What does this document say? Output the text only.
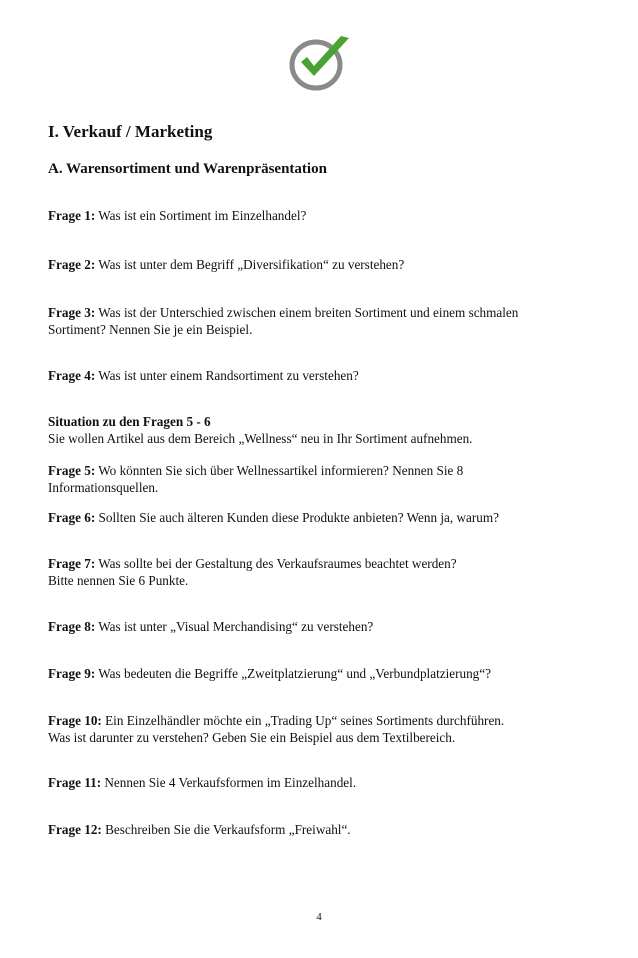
I. Verkauf / Marketing
A. Warensortiment und Warenpräsentation

Frage 1: Was ist ein Sortiment im Einzelhandel?

Frage 2: Was ist unter dem Begriff „Diversifikation“ zu verstehen?

Frage 3: Was ist der Unterschied zwischen einem breiten Sortiment und einem schmalen
Sortiment? Nennen Sie je ein Beispiel.

Frage 4: Was ist unter einem Randsortiment zu verstehen?

Situation zu den Fragen 5 - 6
Sie wollen Artikel aus dem Bereich „Wellness“ neu in Ihr Sortiment aufnehmen.

Frage 5: Wo könnten Sie sich über Wellnessartikel informieren? Nennen Sie 8
Informationsquellen.

Frage 6: Sollten Sie auch älteren Kunden diese Produkte anbieten? Wenn ja, warum?

Frage 7: Was sollte bei der Gestaltung des Verkaufsraumes beachtet werden?
Bitte nennen Sie 6 Punkte.

Frage 8: Was ist unter „Visual Merchandising“ zu verstehen?

Frage 9: Was bedeuten die Begriffe „Zweitplatzierung“ und „Verbundplatzierung“?

Frage 10: Ein Einzelhändler möchte ein „Trading Up“ seines Sortiments durchführen.
Was ist darunter zu verstehen? Geben Sie ein Beispiel aus dem Textilbereich.

Frage 11: Nennen Sie 4 Verkaufsformen im Einzelhandel.

Frage 12: Beschreiben Sie die Verkaufsform „Freiwahl“.

4
